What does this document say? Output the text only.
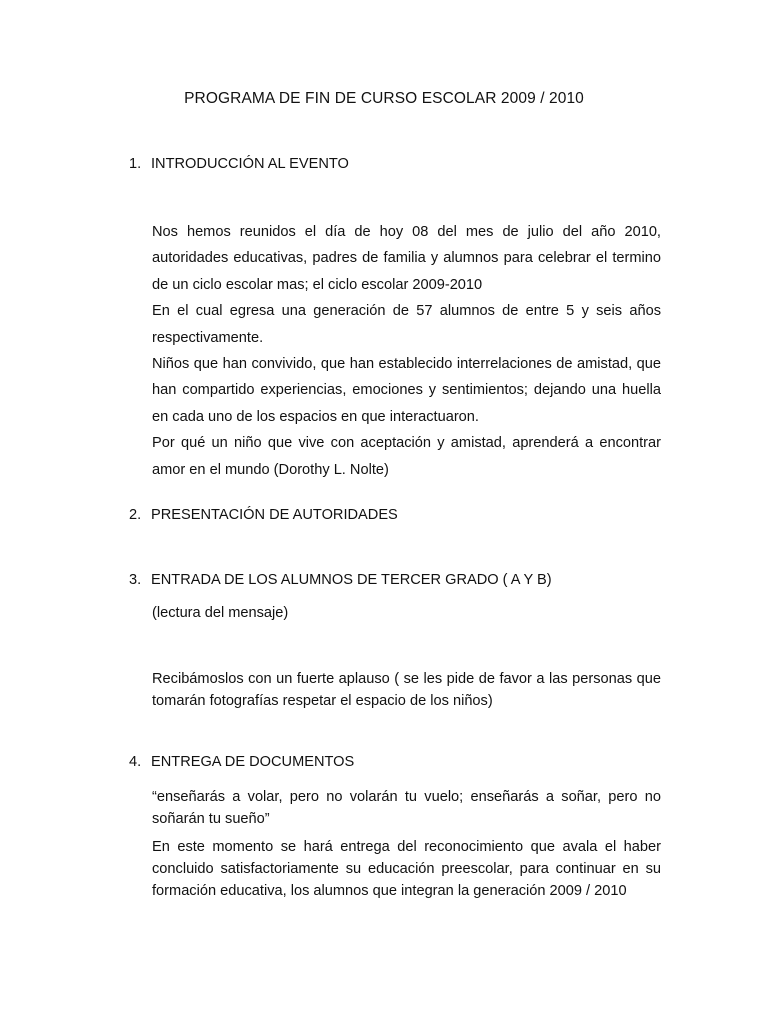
PROGRAMA DE FIN DE CURSO ESCOLAR 2009 / 2010
1. INTRODUCCIÓN AL EVENTO

Nos hemos reunidos el día de hoy 08 del mes de julio del año 2010, autoridades educativas, padres de familia y alumnos para celebrar el termino de un ciclo escolar mas; el ciclo escolar 2009-2010

En el cual egresa una generación de 57 alumnos de entre 5 y seis años respectivamente.

Niños que han convivido, que han establecido interrelaciones de amistad, que han compartido experiencias, emociones y sentimientos; dejando una huella en cada uno de los espacios en que interactuaron.

Por qué un niño que vive con aceptación y amistad, aprenderá a encontrar amor en el mundo (Dorothy L. Nolte)

2. PRESENTACIÓN DE AUTORIDADES
3. ENTRADA DE LOS ALUMNOS DE TERCER GRADO ( A Y B)
(lectura del mensaje)

Recibámoslos con un fuerte aplauso ( se les pide de favor a las personas que tomarán fotografías respetar el espacio de los niños)

4. ENTREGA DE DOCUMENTOS

“enseñarás a volar, pero no volarán tu vuelo; enseñarás a soñar, pero no soñarán tu sueño”

En este momento se hará entrega del reconocimiento que avala el haber concluido satisfactoriamente su educación preescolar, para continuar en su formación educativa, los alumnos que integran la generación 2009 / 2010
